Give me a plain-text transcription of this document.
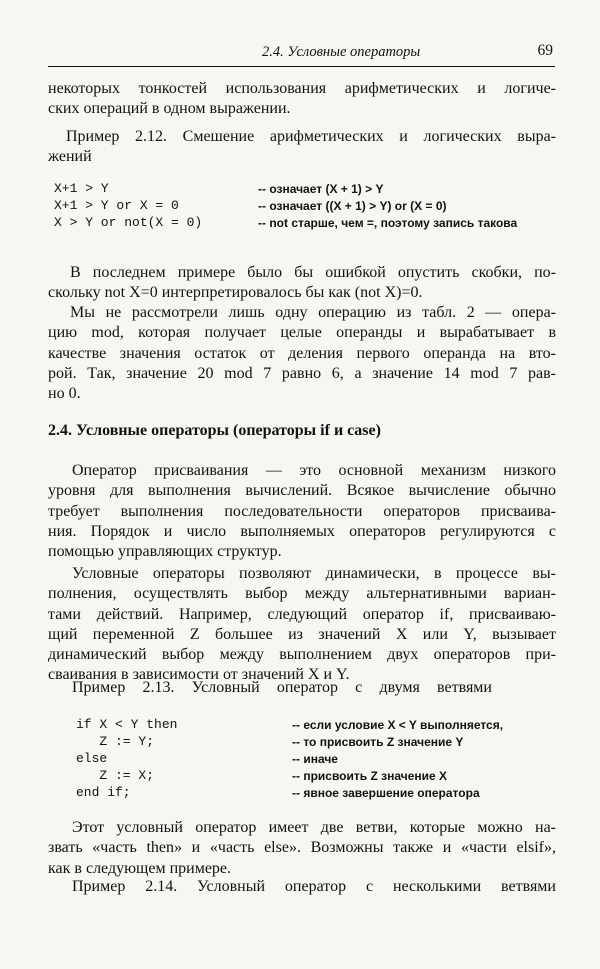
2.4. Условные операторы	69
некоторых тонкостей использования арифметических и логиче-
ских операций в одном выражении.
Пример 2.12. Смешение арифметических и логических выра-
жений
X+1 > Y
X+1 > Y or X = 0
X > Y or not(X = 0)
-- означает (X + 1) > Y
-- означает ((X + 1) > Y) or (X = 0)
-- not старше, чем =, поэтому запись такова
В последнем примере было бы ошибкой опустить скобки, по-
скольку not X=0 интерпретировалось бы как (not X)=0.
Мы не рассмотрели лишь одну операцию из табл. 2 — опера-
цию mod, которая получает целые операнды и вырабатывает в
качестве значения остаток от деления первого операнда на вто-
рой. Так, значение 20 mod 7 равно 6, а значение 14 mod 7 рав-
но 0.
2.4. Условные операторы (операторы if и case)
Оператор присваивания — это основной механизм низкого
уровня для выполнения вычислений. Всякое вычисление обычно
требует выполнения последовательности операторов присваива-
ния. Порядок и число выполняемых операторов регулируются с
помощью управляющих структур.
Условные операторы позволяют динамически, в процессе вы-
полнения, осуществлять выбор между альтернативными вариан-
тами действий. Например, следующий оператор if, присваиваю-
щий переменной Z большее из значений X или Y, вызывает
динамический выбор между выполнением двух операторов при-
сваивания в зависимости от значений X и Y.
Пример 2.13. Условный оператор с двумя ветвями
if X < Y then
Z := Y;
else
Z := X;
end if;
-- если условие X < Y выполняется,
-- то присвоить Z значение Y
-- иначе
-- присвоить Z значение X
-- явное завершение оператора
Этот условный оператор имеет две ветви, которые можно на-
звать «часть then» и «часть else». Возможны также и «части elsif»,
как в следующем примере.
Пример 2.14. Условный оператор с несколькими ветвями
